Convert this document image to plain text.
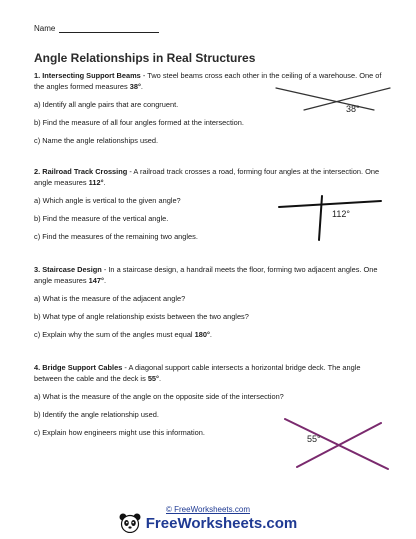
Name
Angle Relationships in Real Structures

1. Intersecting Support Beams - Two steel beams cross each other in the ceiling of a warehouse. One of the angles formed measures 38°.

a) Identify all angle pairs that are congruent.
b) Find the measure of all four angles formed at the intersection.
c) Name the angle relationships used.
38°

2. Railroad Track Crossing - A railroad track crosses a road, forming four angles at the intersection. One angle measures 112°.

a) Which angle is vertical to the given angle?
b) Find the measure of the vertical angle.
c) Find the measures of the remaining two angles.
112°

3. Staircase Design - In a staircase design, a handrail meets the floor, forming two adjacent angles. One angle measures 147°.

a) What is the measure of the adjacent angle?
b) What type of angle relationship exists between the two angles?
c) Explain why the sum of the angles must equal 180°.

4. Bridge Support Cables - A diagonal support cable intersects a horizontal bridge deck. The angle between the cable and the deck is 55°.

a) What is the measure of the angle on the opposite side of the intersection?
b) Identify the angle relationship used.
c) Explain how engineers might use this information.
55°
© FreeWorksheets.com
FreeWorksheets.com
